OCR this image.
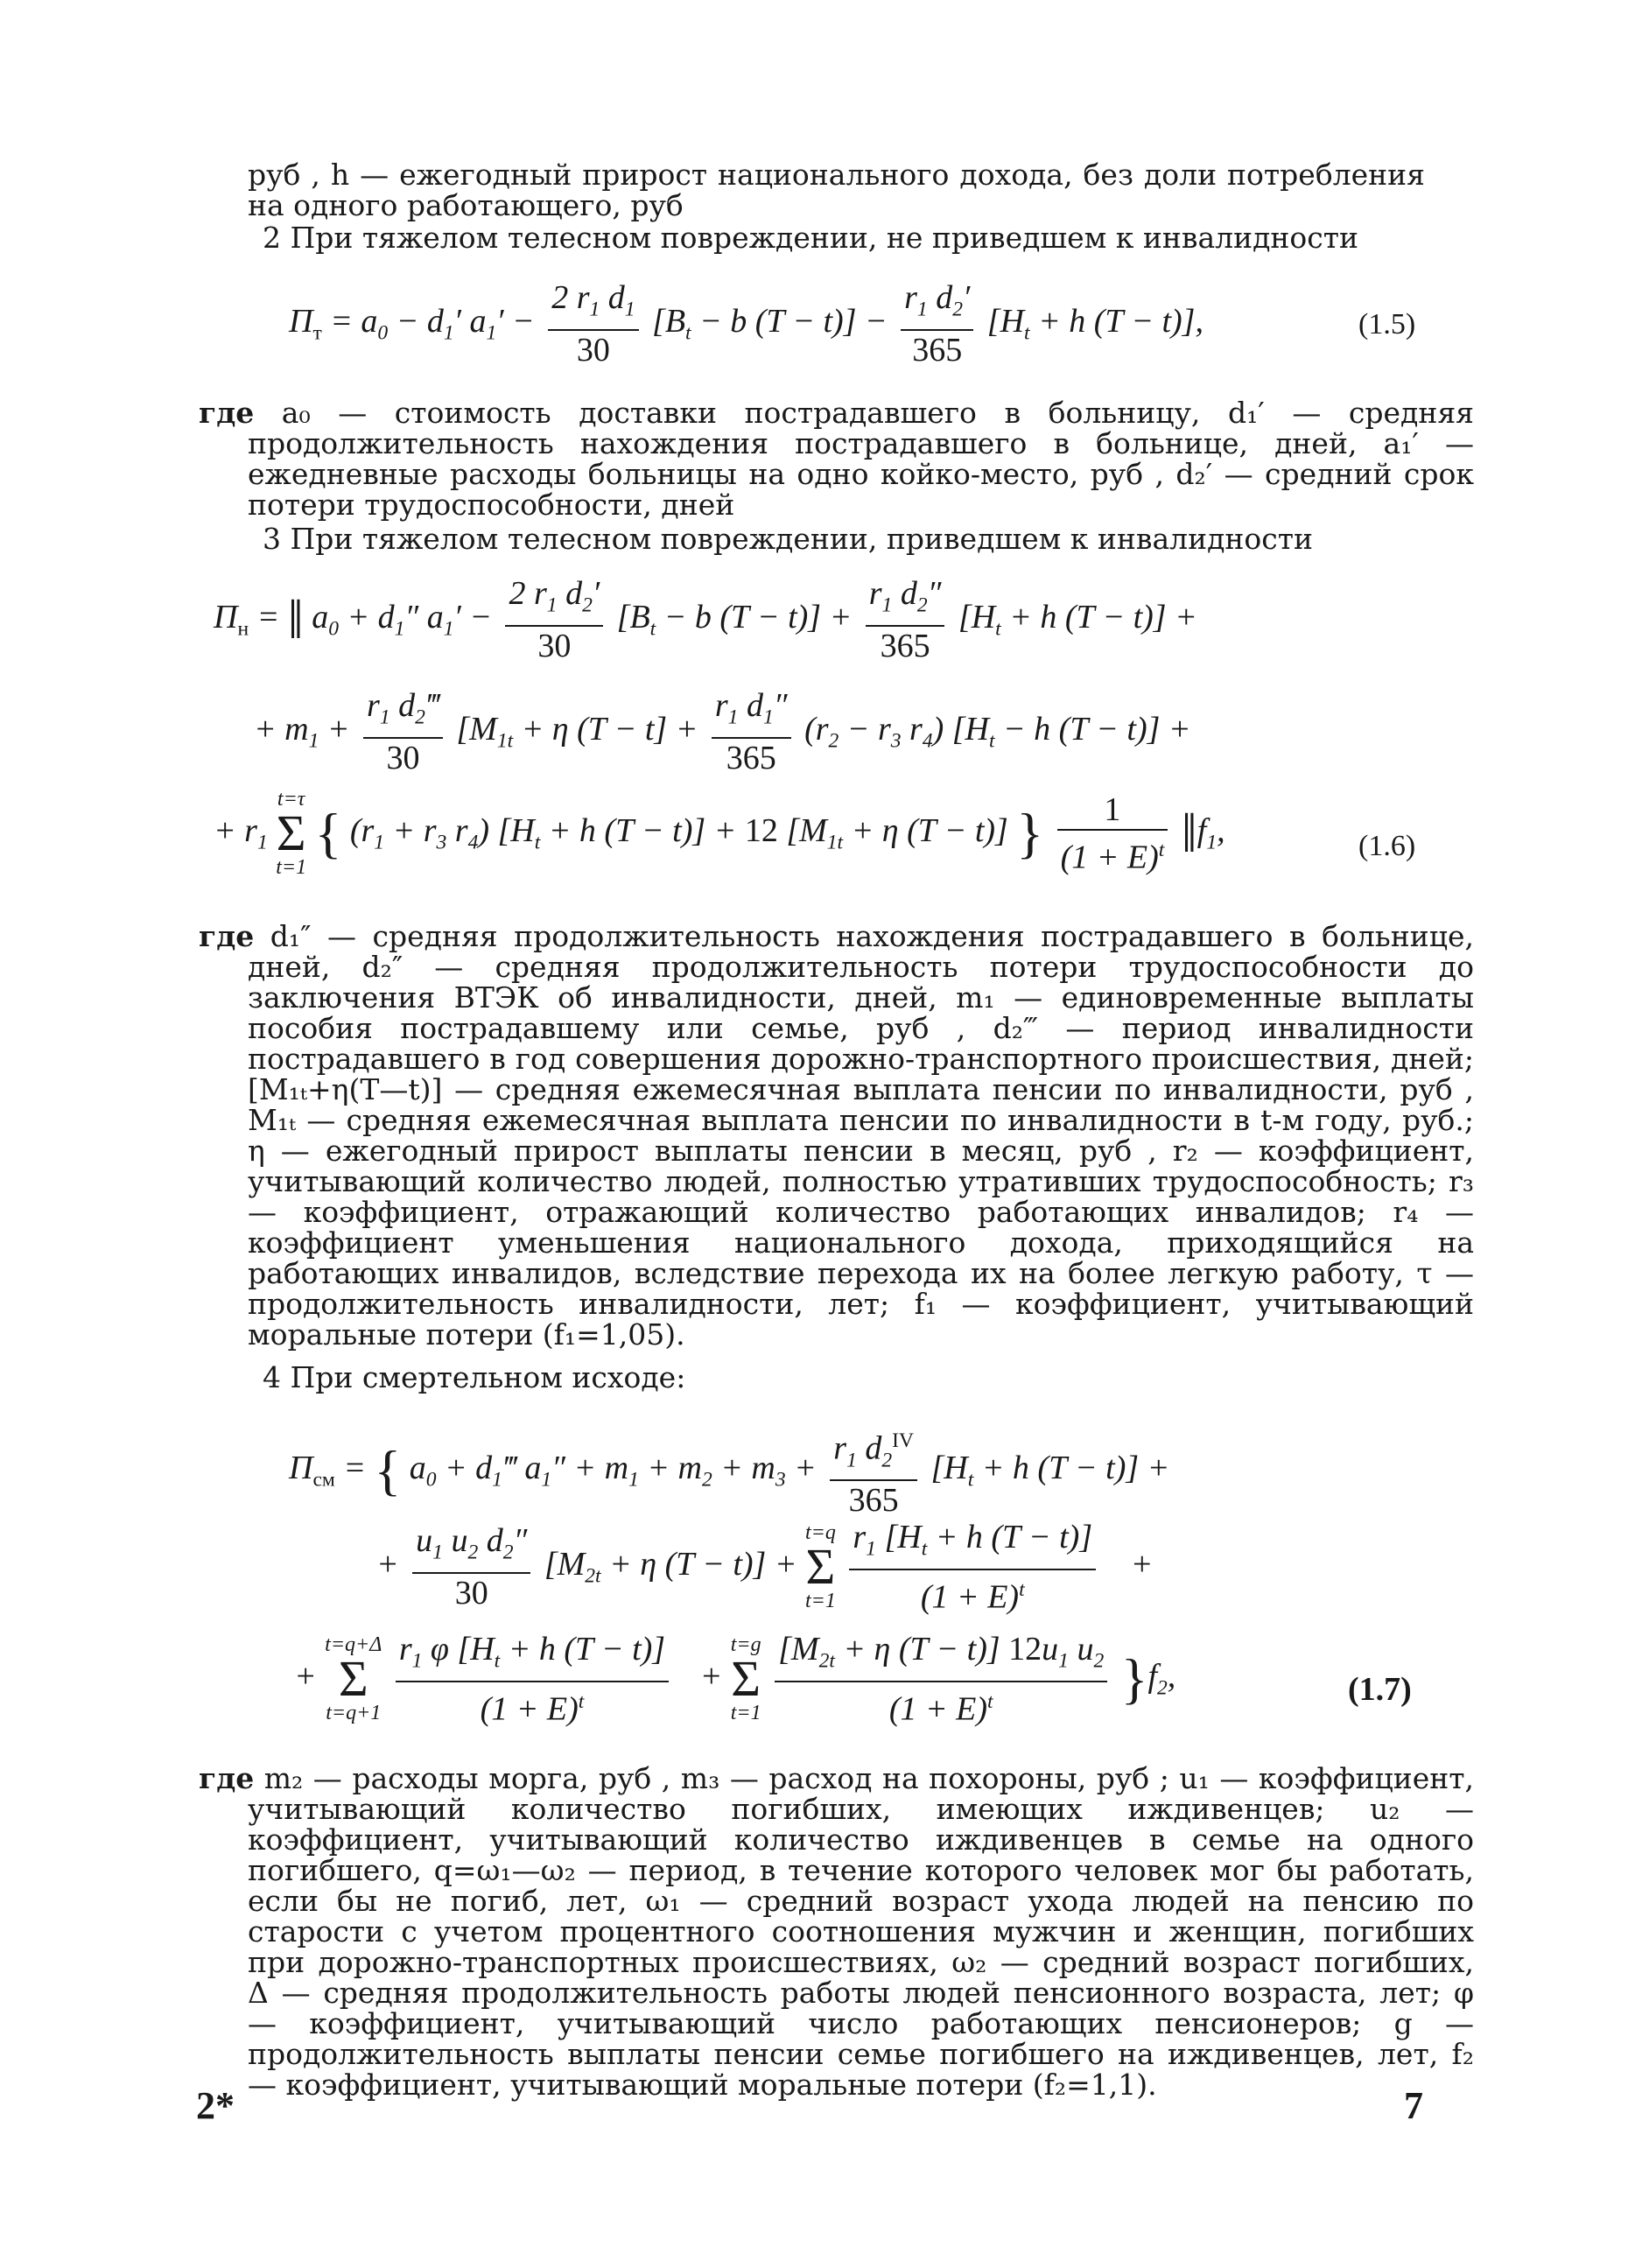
руб , h — ежегодный прирост национального дохода, без доли потребления на одного работающего, руб

2 При тяжелом телесном повреждении, не приведшем к инвалидности

$П_т = a_0 - d_1'$ $a_1' - \frac{2 r_1 d_1}{30} [B_t - b$ $(T - t)] - \frac{r_1 d_2'}{365} [H_t + h$ (T − t)],	(1.5)

где a₀ — стоимость доставки пострадавшего в больницу, d₁′ — средняя продолжительность нахождения пострадавшего в больнице, дней, a₁′ — ежедневные расходы больницы на одно койко-место, руб , d₂′ — средний срок потери трудоспособности, дней

3 При тяжелом телесном повреждении, приведшем к инвалидности

$П_н$ = ‖ $a_0 + d_1''$ $a_1' - \frac{2 r_1 d_2'}{30} [B_t - b$ $(T - t)] + \frac{r_1 d_2''}{365} [H_t + h$ (T − t)] +
+ $m_1 + \frac{r_1 d_2‴}{30} [M_{1t} + \eta$ $(T - t] + \frac{r_1 d_1''}{365} (r_2 - r_3$ $r_4$) [$H_t - h$ (T − t)] +
+ $r_1$
t=τ
Σ
t=1
{ ($r_1 + r_3$ $r_4$) [$H_t + h$ (T − t)] + 12 [$M_{1t} + \eta$ (T − t)] } $\frac{1}{(1 + E)^t}$ $‖f_1$,	(1.6)

где d₁″ — средняя продолжительность нахождения пострадавшего в больнице, дней, d₂″ — средняя продолжительность потери трудоспособности до заключения ВТЭК об инвалидности, дней, m₁ — единовременные выплаты пособия пострадавшему или семье, руб , d₂‴ — период инвалидности пострадавшего в год совершения дорожно-транспортного происшествия, дней; [M₁ₜ+η(T—t)] — средняя ежемесячная выплата пенсии по инвалидности, руб , M₁ₜ — средняя ежемесячная выплата пенсии по инвалидности в t-м году, руб.; η — ежегодный прирост выплаты пенсии в месяц, руб , r₂ — коэффициент, учитывающий количество людей, полностью утративших трудоспособность; r₃ — коэффициент, отражающий количество работающих инвалидов; r₄ — коэффициент уменьшения национального дохода, приходящийся на работающих инвалидов, вследствие перехода их на более легкую работу, τ — продолжительность инвалидности, лет; f₁ — коэффициент, учитывающий моральные потери (f₁=1,05).

4 При смертельном исходе:

$П_{см}$ = { $a_0$ + $d_1‴$ $a_1'' + m_1 + m_2 + m_3 + \frac{r_1 d_2^{IV}}{365} [H_t + h$ (T − t)] +
+ $\frac{u_1 u_2 d_2''}{30} [M_{2t} + \eta$ (T − t)] +
t=q
Σ
t=1
$\frac{r_1 [H_t + h (T - t)]}{(1 + E)^t}$ +
+
t=q+Δ
Σ
t=q+1
$\frac{r_1 \varphi [H_t + h (T - t)]}{(1 + E)^t}$ +
t=g
Σ
t=1
$\frac{[M_{2t} + \eta (T - t)] 12u_1 u_2}{(1 + E)^t} \}f_2$,	(1.7)

где m₂ — расходы морга, руб , m₃ — расход на похороны, руб ; u₁ — коэффициент, учитывающий количество погибших, имеющих иждивенцев; u₂ — коэффициент, учитывающий количество иждивенцев в семье на одного погибшего, q=ω₁—ω₂ — период, в течение которого человек мог бы работать, если бы не погиб, лет, ω₁ — средний возраст ухода людей на пенсию по старости с учетом процентного соотношения мужчин и женщин, погибших при дорожно-транспортных происшествиях, ω₂ — средний возраст погибших, Δ — средняя продолжительность работы людей пенсионного возраста, лет; φ — коэффициент, учитывающий число работающих пенсионеров; g — продолжительность выплаты пенсии семье погибшего на иждивенцев, лет, f₂ — коэффициент, учитывающий моральные потери (f₂=1,1).

2*	7
